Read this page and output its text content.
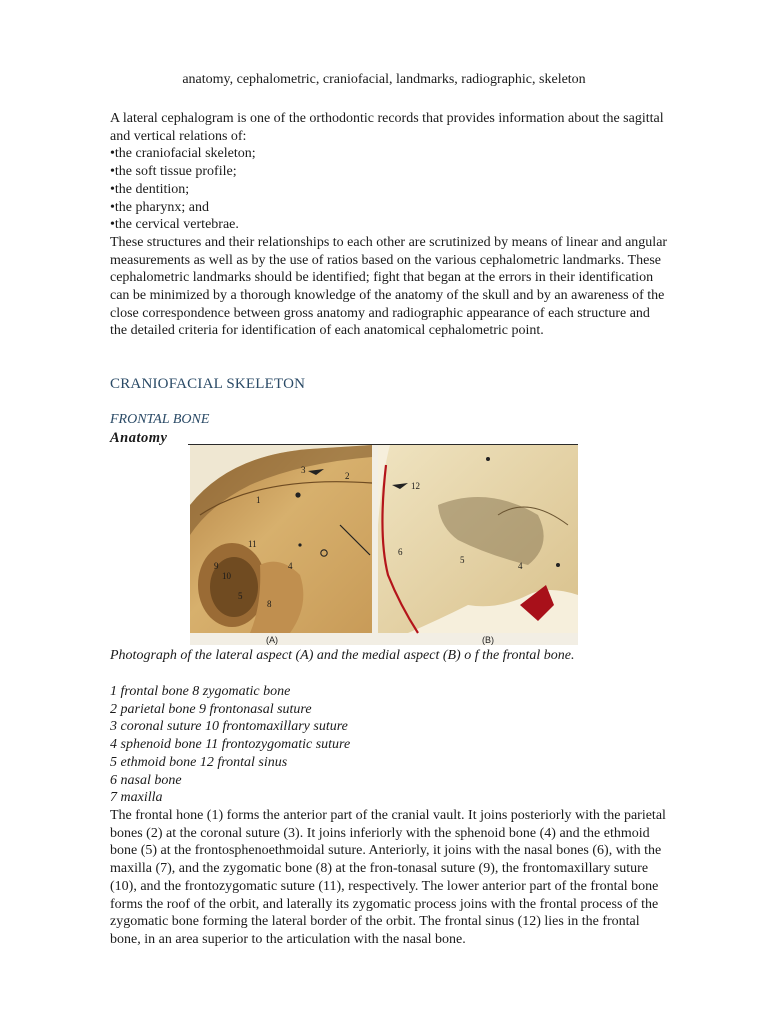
anatomy, cephalometric, craniofacial, landmarks, radiographic, skeleton

A lateral cephalogram is one of the orthodontic records that provides information about the sagittal and vertical relations of:

• the craniofacial skeleton;
• the soft tissue profile;
• the dentition;
• the pharynx; and
• the cervical vertebrae.

These structures and their relationships to each other are scrutinized by means of linear and angular measurements as well as by the use of ratios based on the various cephalometric landmarks. These cephalometric landmarks should be identified; fight that began at the errors in their identification can be minimized by a thorough knowledge of the anatomy of the skull and by an awareness of the close correspondence between gross anatomy and radiographic appearance of each structure and the detailed criteria for identification of each anatomical cephalometric point.

CRANIOFACIAL SKELETON
FRONTAL BONE
Anatomy
3
2
1
11
4
9
10
5
8
(A)
12
6
5
4
(B)
Photograph of the lateral aspect (A) and the medial aspect (B) o f the frontal bone.
1 frontal bone 8 zygomatic bone
2 parietal bone 9 frontonasal suture
3 coronal suture 10 frontomaxillary suture
4 sphenoid bone 11 frontozygomatic suture
5 ethmoid bone 12 frontal sinus
6 nasal bone
7 maxilla
The frontal hone (1) forms the anterior part of the cranial vault. It joins posteriorly with the parietal bones (2) at the coronal suture (3). It joins inferiorly with the sphenoid bone (4) and the ethmoid bone (5) at the frontosphenoethmoidal suture. Anteriorly, it joins with the nasal bones (6), with the maxilla (7), and the zygomatic bone (8) at the fron-tonasal suture (9), the frontomaxillary suture (10), and the frontozygomatic suture (11), respectively. The lower anterior part of the frontal bone forms the roof of the orbit, and laterally its zygomatic process joins with the frontal process of the zygomatic bone forming the lateral border of the orbit. The frontal sinus (12) lies in the frontal bone, in an area superior to the articulation with the nasal bone.
